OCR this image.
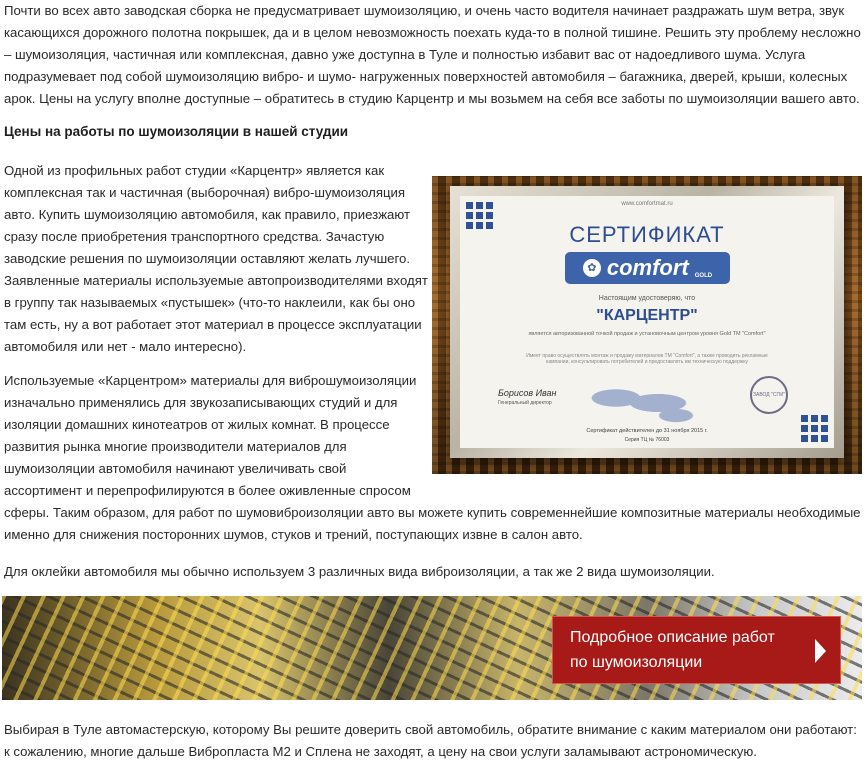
Почти во всех авто заводская сборка не предусматривает шумоизоляцию, и очень часто водителя начинает раздражать шум ветра, звук касающихся дорожного полотна покрышек, да и в целом невозможность поехать куда-то в полной тишине. Решить эту проблему несложно – шумоизоляция, частичная или комплексная, давно уже доступна в Туле и полностью избавит вас от надоедливого шума. Услуга подразумевает под собой шумоизоляцию вибро- и шумо- нагруженных поверхностей автомобиля – багажника, дверей, крыши, колесных арок. Цены на услугу вполне доступные – обратитесь в студию Карцентр и мы возьмем на себя все заботы по шумоизоляции вашего авто.

Цены на работы по шумоизоляции в нашей студии

Одной из профильных работ студии «Карцентр» является как комплексная так и частичная (выборочная) вибро-шумоизоляция авто. Купить шумоизоляцию автомобиля, как правило, приезжают сразу после приобретения транспортного средства. Зачастую заводские решения по шумоизоляции оставляют желать лучшего. Заявленные материалы используемые автопроизводителями входят в группу так называемых «пустышек» (что-то наклеили, как бы оно там есть, ну а вот работает этот материал в процессе эксплуатации автомобиля или нет - мало интересно).

www.comfortmat.ru
СЕРТИФИКАТ
✿ comfort GOLD
Настоящим удостоверяю, что
"КАРЦЕНТР"
является авторизованной точкой продаж и установочным центром уровня Gold TM "Comfort"
Имеет право осуществлять монтаж и продажу материалов ТМ "Comfort", а также проводить рекламные кампании, консультировать потребителей и предоставлять им техническую поддержку
Борисов Иван
Генеральный директор
ЗАВОД "СГМ"
Сертификат действителен до 31 ноября 2015 г.
Серия ТЦ № 76003

Используемые «Карцентром» материалы для виброшумоизоляции изначально применялись для звукозаписывающих студий и для изоляции домашних кинотеатров от жилых комнат. В процессе развития рынка многие производители материалов для шумоизоляции автомобиля начинают увеличивать свой ассортимент и перепрофилируются в более оживленные спросом сферы. Таким образом, для работ по шумовиброизоляции авто вы можете купить современнейшие композитные материалы необходимые именно для снижения посторонних шумов, стуков и трений, поступающих извне в салон авто.

Для оклейки автомобиля мы обычно используем 3 различных вида виброизоляции, а так же 2 вида шумоизоляции.

Подробное описание работ
по шумоизоляции

Выбирая в Туле автомастерскую, которому Вы решите доверить свой автомобиль, обратите внимание с каким материалом они работают: к сожалению, многие дальше Вибропласта М2 и Сплена не заходят, а цену на свои услуги заламывают астрономическую.
